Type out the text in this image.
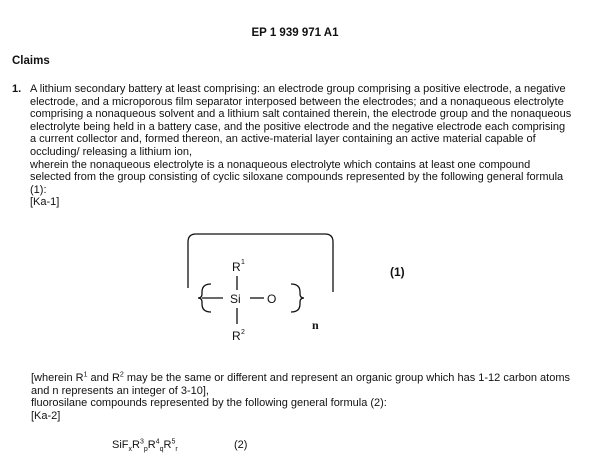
EP 1 939 971 A1
Claims
1. A lithium secondary battery at least comprising: an electrode group comprising a positive electrode, a negative electrode, and a microporous film separator interposed between the electrodes; and a nonaqueous electrolyte comprising a nonaqueous solvent and a lithium salt contained therein, the electrode group and the nonaqueous electrolyte being held in a battery case, and the positive electrode and the negative electrode each comprising a current collector and, formed thereon, an active-material layer containing an active material capable of occluding/ releasing a lithium ion,

wherein the nonaqueous electrolyte is a nonaqueous electrolyte which contains at least one compound selected from the group consisting of cyclic siloxane compounds represented by the following general formula (1):

[Ka-1]

R 1
Si O
R 2
n
(1)

[wherein $R^1$ and $R^2$ may be the same or different and represent an organic group which has 1-12 carbon atoms and n represents an integer of 3-10],

fluorosilane compounds represented by the following general formula (2):

[Ka-2]

$SiF_xR^3_pR^4_qR^5_r$	(2)
